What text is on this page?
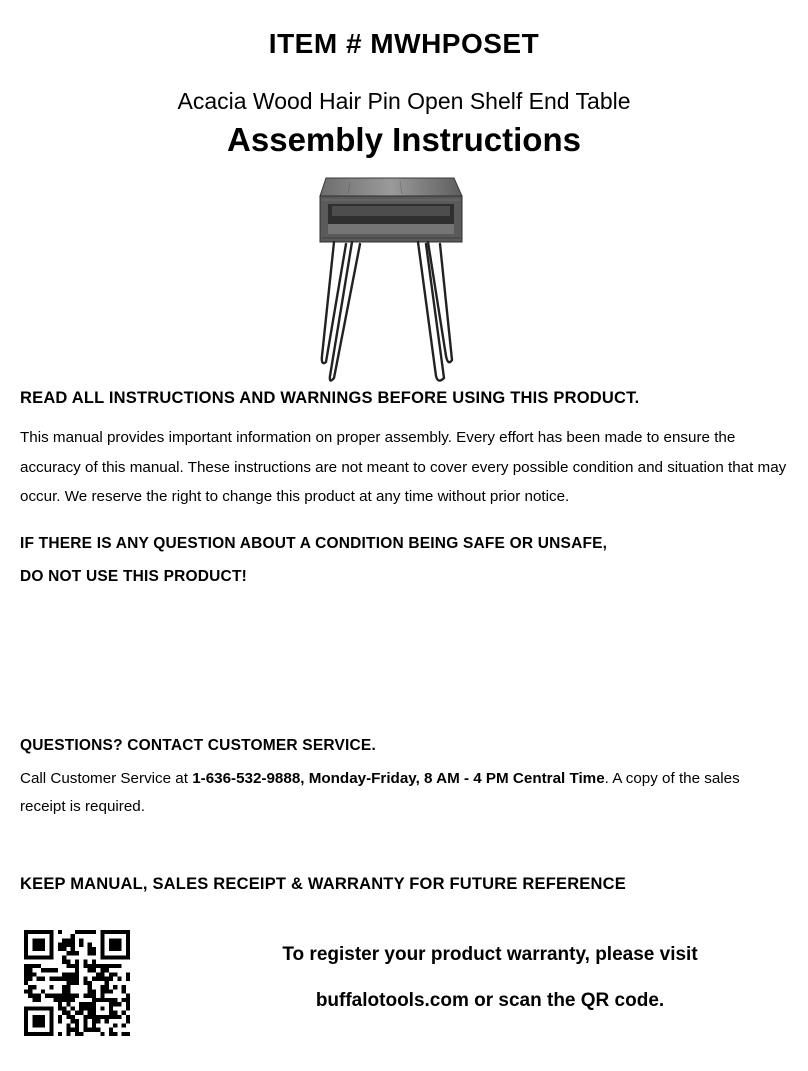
ITEM # MWHPOSET
Acacia Wood Hair Pin Open Shelf End Table
Assembly Instructions
READ ALL INSTRUCTIONS AND WARNINGS BEFORE USING THIS PRODUCT.
This manual provides important information on proper assembly. Every effort has been made to ensure the accuracy of this manual. These instructions are not meant to cover every possible condition and situation that may occur. We reserve the right to change this product at any time without prior notice.
IF THERE IS ANY QUESTION ABOUT A CONDITION BEING SAFE OR UNSAFE,
DO NOT USE THIS PRODUCT!
QUESTIONS? CONTACT CUSTOMER SERVICE.
Call Customer Service at 1-636-532-9888, Monday-Friday, 8 AM - 4 PM Central Time. A copy of the sales receipt is required.
KEEP MANUAL, SALES RECEIPT & WARRANTY FOR FUTURE REFERENCE
To register your product warranty, please visit
buffalotools.com or scan the QR code.
